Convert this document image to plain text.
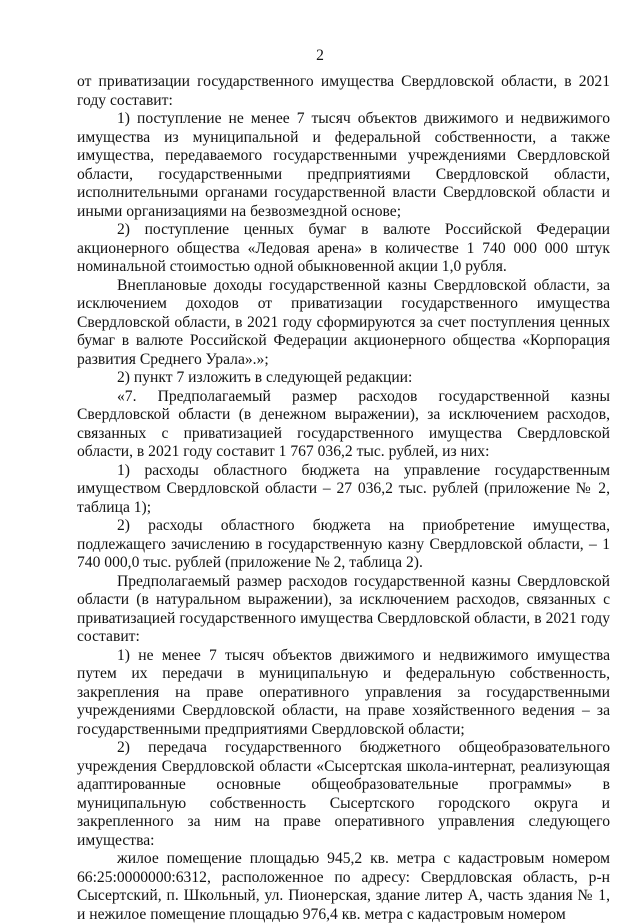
2

от приватизации государственного имущества Свердловской области, в 2021 году составит:

1) поступление не менее 7 тысяч объектов движимого и недвижимого имущества из муниципальной и федеральной собственности, а также имущества, передаваемого государственными учреждениями Свердловской области, государственными предприятиями Свердловской области, исполнительными органами государственной власти Свердловской области и иными организациями на безвозмездной основе;

2) поступление ценных бумаг в валюте Российской Федерации акционерного общества «Ледовая арена» в количестве 1 740 000 000 штук номинальной стоимостью одной обыкновенной акции 1,0 рубля.

Внеплановые доходы государственной казны Свердловской области, за исключением доходов от приватизации государственного имущества Свердловской области, в 2021 году сформируются за счет поступления ценных бумаг в валюте Российской Федерации акционерного общества «Корпорация развития Среднего Урала».»;

2) пункт 7 изложить в следующей редакции:

«7. Предполагаемый размер расходов государственной казны Свердловской области (в денежном выражении), за исключением расходов, связанных с приватизацией государственного имущества Свердловской области, в 2021 году составит 1 767 036,2 тыс. рублей, из них:

1) расходы областного бюджета на управление государственным имуществом Свердловской области – 27 036,2 тыс. рублей (приложение № 2, таблица 1);

2) расходы областного бюджета на приобретение имущества, подлежащего зачислению в государственную казну Свердловской области, – 1 740 000,0 тыс. рублей (приложение № 2, таблица 2).

Предполагаемый размер расходов государственной казны Свердловской области (в натуральном выражении), за исключением расходов, связанных с приватизацией государственного имущества Свердловской области, в 2021 году составит:

1) не менее 7 тысяч объектов движимого и недвижимого имущества путем их передачи в муниципальную и федеральную собственность, закрепления на праве оперативного управления за государственными учреждениями Свердловской области, на праве хозяйственного ведения – за государственными предприятиями Свердловской области;

2) передача государственного бюджетного общеобразовательного учреждения Свердловской области «Сысертская школа-интернат, реализующая адаптированные основные общеобразовательные программы» в муниципальную собственность Сысертского городского округа и закрепленного за ним на праве оперативного управления следующего имущества:

жилое помещение площадью 945,2 кв. метра с кадастровым номером 66:25:0000000:6312, расположенное по адресу: Свердловская область, р-н Сысертский, п. Школьный, ул. Пионерская, здание литер А, часть здания № 1, и нежилое помещение площадью 976,4 кв. метра с кадастровым номером
